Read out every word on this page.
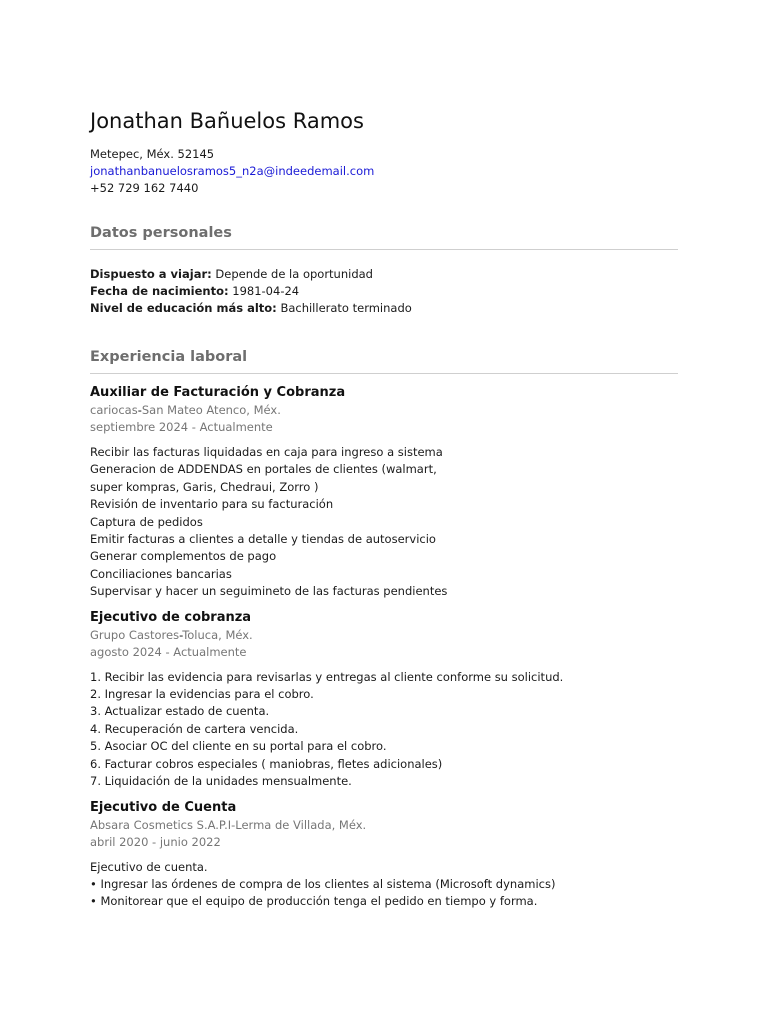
Jonathan Bañuelos Ramos
Metepec, Méx. 52145
jonathanbanuelosramos5_n2a@indeedemail.com
+52 729 162 7440
Datos personales
Dispuesto a viajar: Depende de la oportunidad
Fecha de nacimiento: 1981-04-24
Nivel de educación más alto: Bachillerato terminado
Experiencia laboral
Auxiliar de Facturación y Cobranza
cariocas-San Mateo Atenco, Méx.
septiembre 2024 - Actualmente
Recibir las facturas liquidadas en caja para ingreso a sistema
Generacion de ADDENDAS en portales de clientes (walmart,
super kompras, Garis, Chedraui, Zorro )
Revisión de inventario para su facturación
Captura de pedidos
Emitir facturas a clientes a detalle y tiendas de autoservicio
Generar complementos de pago
Conciliaciones bancarias
Supervisar y hacer un seguimineto de las facturas pendientes
Ejecutivo de cobranza
Grupo Castores-Toluca, Méx.
agosto 2024 - Actualmente
1. Recibir las evidencia para revisarlas y entregas al cliente conforme su solicitud.
2. Ingresar la evidencias para el cobro.
3. Actualizar estado de cuenta.
4. Recuperación de cartera vencida.
5. Asociar OC del cliente en su portal para el cobro.
6. Facturar cobros especiales ( maniobras, fletes adicionales)
7. Liquidación de la unidades mensualmente.
Ejecutivo de Cuenta
Absara Cosmetics S.A.P.I-Lerma de Villada, Méx.
abril 2020 - junio 2022
Ejecutivo de cuenta.
• Ingresar las órdenes de compra de los clientes al sistema (Microsoft dynamics)
• Monitorear que el equipo de producción tenga el pedido en tiempo y forma.
